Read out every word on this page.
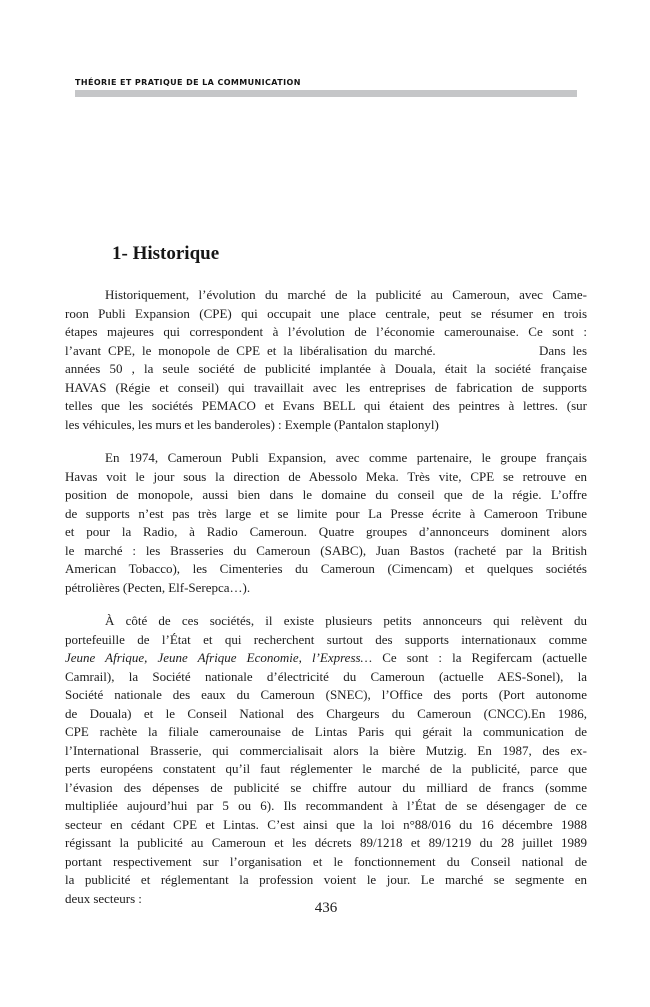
THÉORIE ET PRATIQUE DE LA COMMUNICATION
1- Historique
Historiquement, l’évolution du marché de la publicité au Cameroun, avec Came-
roon Publi Expansion (CPE) qui occupait une place centrale, peut se résumer en trois
étapes majeures qui correspondent à l’évolution de l’économie camerounaise. Ce sont :
l’avant CPE, le monopole de CPE et la libéralisation du marché.               Dans les
années 50 , la seule société de publicité implantée à Douala, était la société française
HAVAS (Régie et conseil) qui travaillait avec les entreprises de fabrication de supports
telles que les sociétés PEMACO et Evans BELL qui étaient des peintres à lettres. (sur
les véhicules, les murs et les banderoles) : Exemple (Pantalon staplonyl)
En 1974, Cameroun Publi Expansion, avec comme partenaire, le groupe français
Havas voit le jour sous la direction de Abessolo Meka. Très vite, CPE se retrouve en
position de monopole, aussi bien dans le domaine du conseil que de la régie. L’offre
de supports n’est pas très large et se limite pour La Presse écrite à Cameroon Tribune
et pour la Radio, à Radio Cameroun. Quatre groupes d’annonceurs dominent alors
le marché : les Brasseries du Cameroun (SABC), Juan Bastos (racheté par la British
American Tobacco), les Cimenteries du Cameroun (Cimencam) et quelques sociétés
pétrolières (Pecten, Elf-Serepca…).
À côté de ces sociétés, il existe plusieurs petits annonceurs qui relèvent du
portefeuille de l’État et qui recherchent surtout des supports internationaux comme
Jeune Afrique, Jeune Afrique Economie, l’Express… Ce sont : la Regifercam (actuelle
Camrail), la Société nationale d’électricité du Cameroun (actuelle AES-Sonel), la
Société nationale des eaux du Cameroun (SNEC), l’Office des ports (Port autonome
de Douala) et le Conseil National des Chargeurs du Cameroun (CNCC).En 1986,
CPE rachète la filiale camerounaise de Lintas Paris qui gérait la communication de
l’International Brasserie, qui commercialisait alors la bière Mutzig. En 1987, des ex-
perts européens constatent qu’il faut réglementer le marché de la publicité, parce que
l’évasion des dépenses de publicité se chiffre autour du milliard de francs (somme
multipliée aujourd’hui par 5 ou 6). Ils recommandent à l’État de se désengager de ce
secteur en cédant CPE et Lintas. C’est ainsi que la loi n°88/016 du 16 décembre 1988
régissant la publicité au Cameroun et les décrets 89/1218 et 89/1219 du 28 juillet 1989
portant respectivement sur l’organisation et le fonctionnement du Conseil national de
la publicité et réglementant la profession voient le jour. Le marché se segmente en
deux secteurs :
436
